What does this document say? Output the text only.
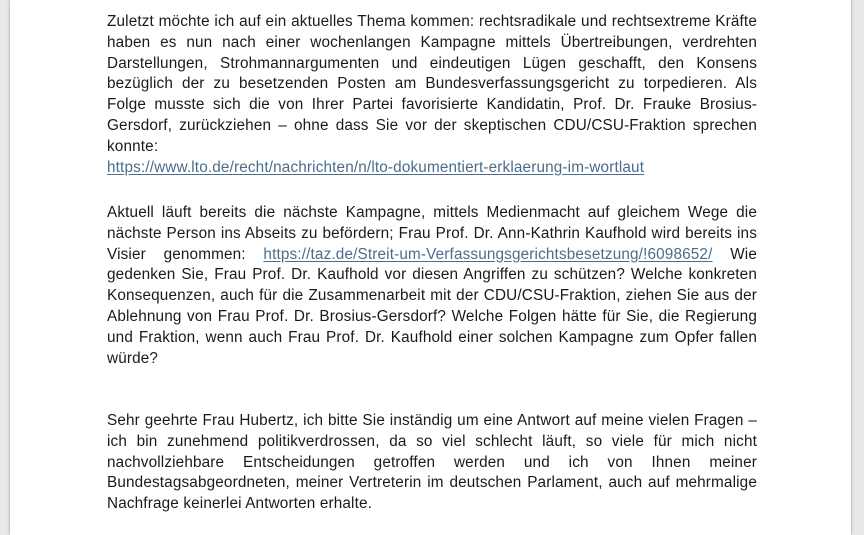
Zuletzt möchte ich auf ein aktuelles Thema kommen: rechtsradikale und rechtsextreme Kräfte haben es nun nach einer wochenlangen Kampagne mittels Übertreibungen, verdrehten Darstellungen, Strohmannargumenten und eindeutigen Lügen geschafft, den Konsens bezüglich der zu besetzenden Posten am Bundesverfassungsgericht zu torpedieren. Als Folge musste sich die von Ihrer Partei favorisierte Kandidatin, Prof. Dr. Frauke Brosius-Gersdorf, zurückziehen – ohne dass Sie vor der skeptischen CDU/CSU-Fraktion sprechen konnte:
https://www.lto.de/recht/nachrichten/n/lto-dokumentiert-erklaerung-im-wortlaut
Aktuell läuft bereits die nächste Kampagne, mittels Medienmacht auf gleichem Wege die nächste Person ins Abseits zu befördern; Frau Prof. Dr. Ann-Kathrin Kaufhold wird bereits ins Visier genommen: https://taz.de/Streit-um-Verfassungsgerichtsbesetzung/!6098652/ Wie gedenken Sie, Frau Prof. Dr. Kaufhold vor diesen Angriffen zu schützen? Welche konkreten Konsequenzen, auch für die Zusammenarbeit mit der CDU/CSU-Fraktion, ziehen Sie aus der Ablehnung von Frau Prof. Dr. Brosius-Gersdorf? Welche Folgen hätte für Sie, die Regierung und Fraktion, wenn auch Frau Prof. Dr. Kaufhold einer solchen Kampagne zum Opfer fallen würde?
Sehr geehrte Frau Hubertz, ich bitte Sie inständig um eine Antwort auf meine vielen Fragen – ich bin zunehmend politikverdrossen, da so viel schlecht läuft, so viele für mich nicht nachvollziehbare Entscheidungen getroffen werden und ich von Ihnen meiner Bundestagsabgeordneten, meiner Vertreterin im deutschen Parlament, auch auf mehrmalige Nachfrage keinerlei Antworten erhalte.
